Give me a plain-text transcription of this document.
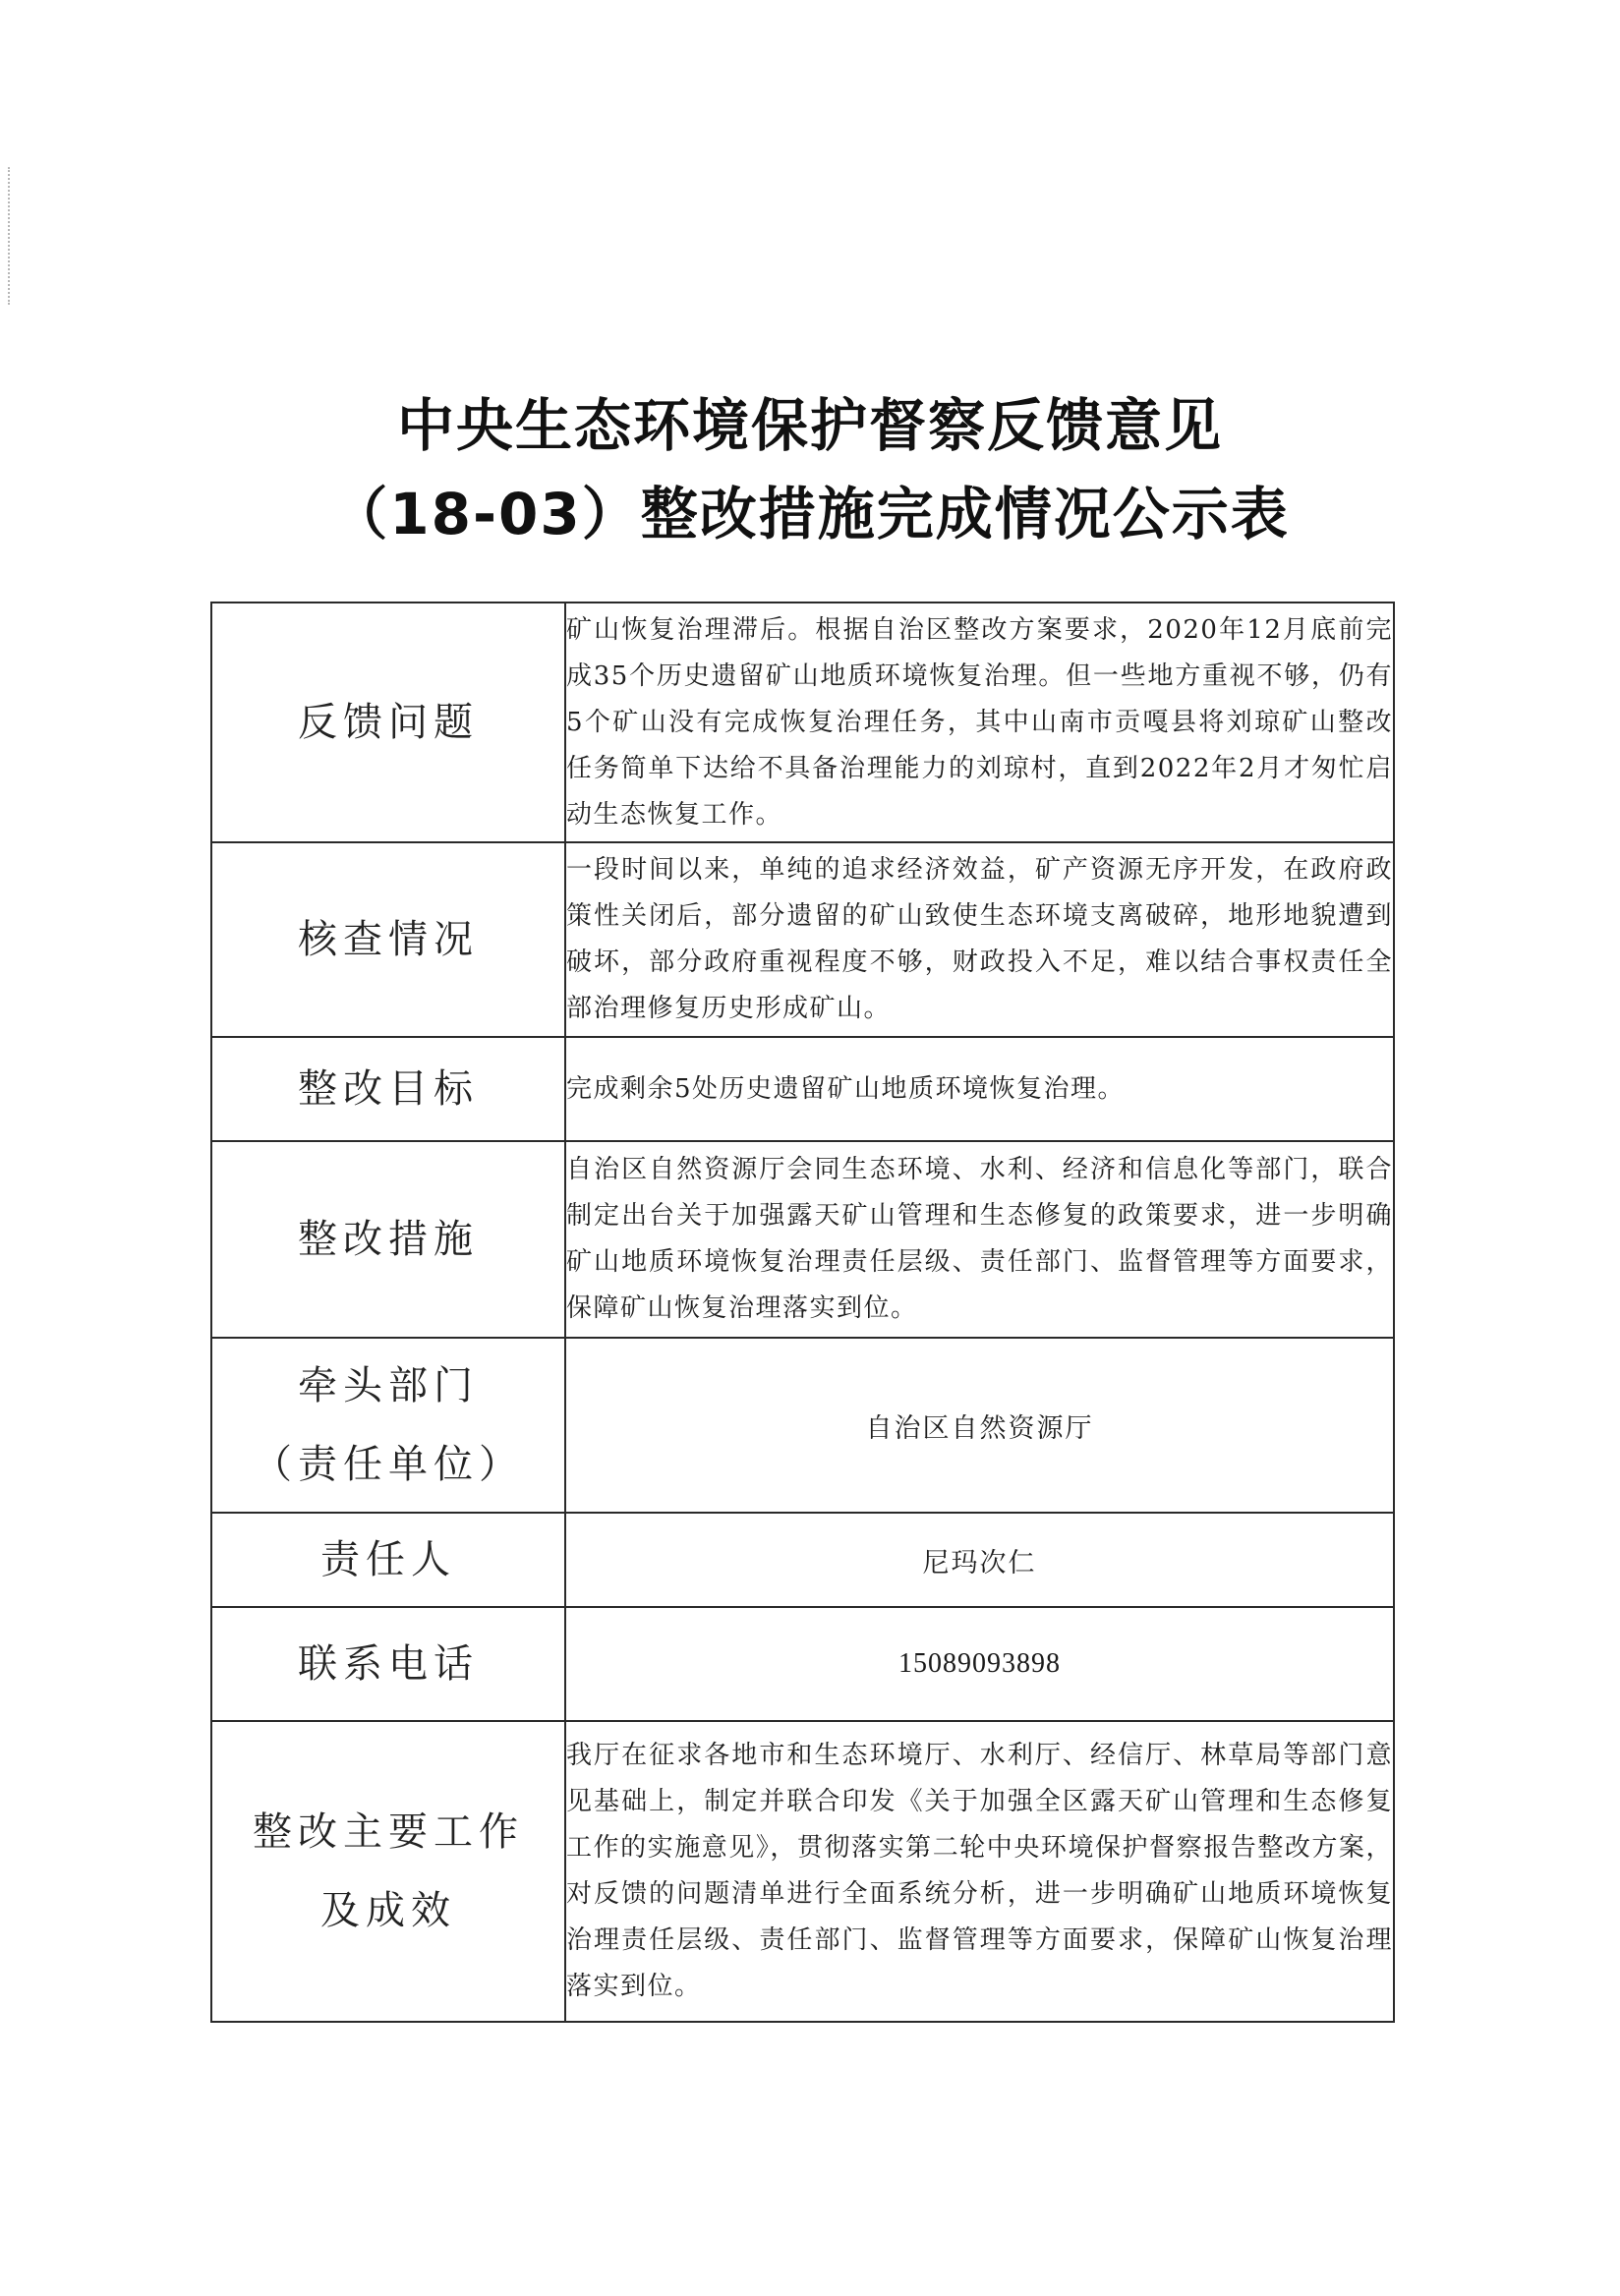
中央生态环境保护督察反馈意见
（18-03）整改措施完成情况公示表
反馈问题	矿山恢复治理滞后。根据自治区整改方案要求，2020年12月底前完成35个历史遗留矿山地质环境恢复治理。但一些地方重视不够，仍有5个矿山没有完成恢复治理任务，其中山南市贡嘎县将刘琼矿山整改任务简单下达给不具备治理能力的刘琼村，直到2022年2月才匆忙启动生态恢复工作。
核查情况	一段时间以来，单纯的追求经济效益，矿产资源无序开发，在政府政策性关闭后，部分遗留的矿山致使生态环境支离破碎，地形地貌遭到破坏，部分政府重视程度不够，财政投入不足，难以结合事权责任全部治理修复历史形成矿山。
整改目标	完成剩余5处历史遗留矿山地质环境恢复治理。
整改措施	自治区自然资源厅会同生态环境、水利、经济和信息化等部门，联合制定出台关于加强露天矿山管理和生态修复的政策要求，进一步明确矿山地质环境恢复治理责任层级、责任部门、监督管理等方面要求，保障矿山恢复治理落实到位。

牵头部门
（责任单位）	自治区自然资源厅
责任人	尼玛次仁
联系电话	15089093898

整改主要工作
及成效	我厅在征求各地市和生态环境厅、水利厅、经信厅、林草局等部门意见基础上，制定并联合印发《关于加强全区露天矿山管理和生态修复工作的实施意见》，贯彻落实第二轮中央环境保护督察报告整改方案，对反馈的问题清单进行全面系统分析，进一步明确矿山地质环境恢复治理责任层级、责任部门、监督管理等方面要求，保障矿山恢复治理落实到位。
